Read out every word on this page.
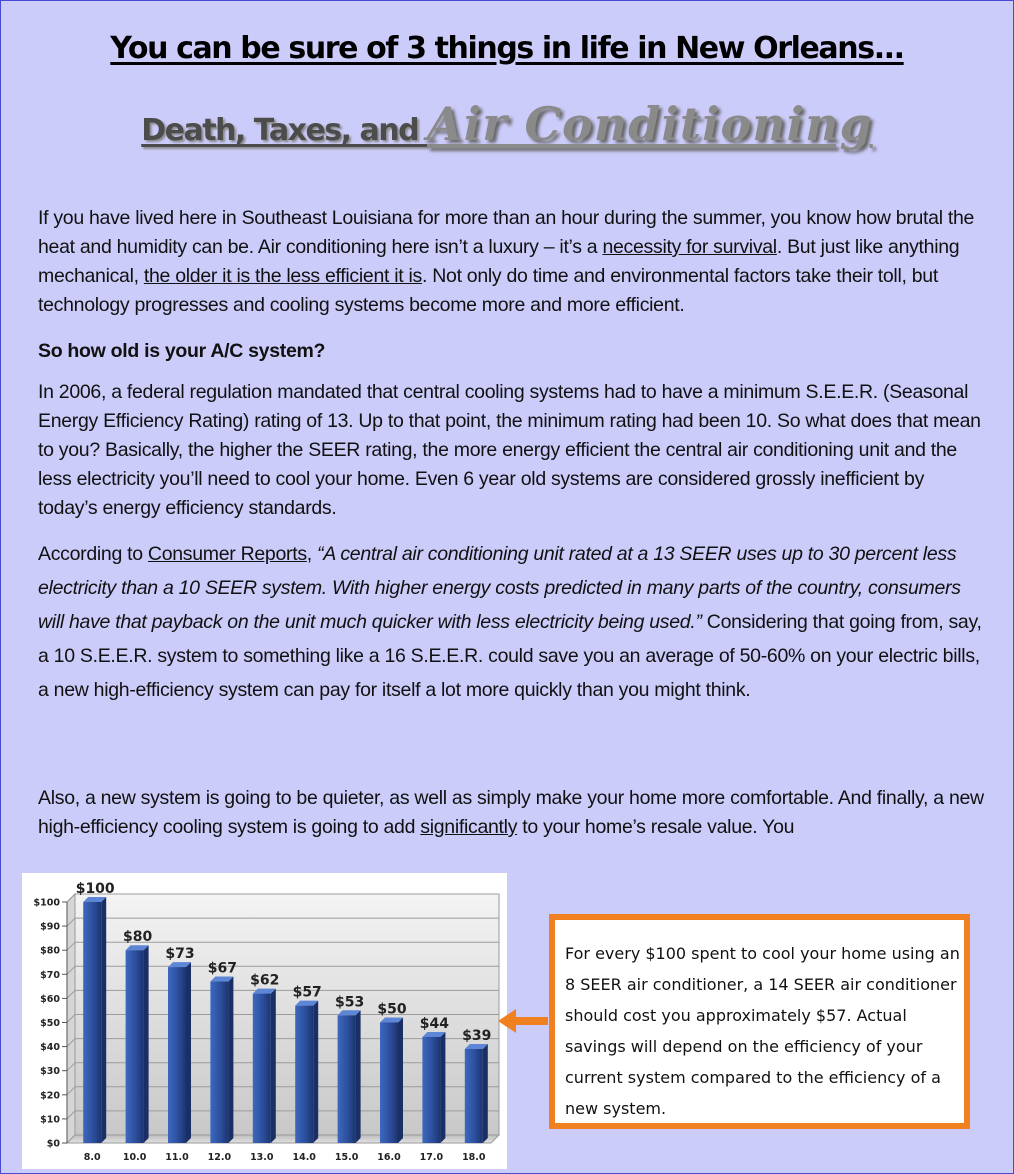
You can be sure of 3 things in life in New Orleans...
Death, Taxes, and Air Conditioning

If you have lived here in Southeast Louisiana for more than an hour during the summer, you know how brutal the heat and humidity can be. Air conditioning here isn’t a luxury – it’s a necessity for survival. But just like anything mechanical, the older it is the less efficient it is. Not only do time and environmental factors take their toll, but technology progresses and cooling systems become more and more efficient.

So how old is your A/C system?

In 2006, a federal regulation mandated that central cooling systems had to have a minimum S.E.E.R. (Seasonal Energy Efficiency Rating) rating of 13. Up to that point, the minimum rating had been 10. So what does that mean to you? Basically, the higher the SEER rating, the more energy efficient the central air conditioning unit and the less electricity you’ll need to cool your home. Even 6 year old systems are considered grossly inefficient by today’s energy efficiency standards.

According to Consumer Reports, “A central air conditioning unit rated at a 13 SEER uses up to 30 percent less electricity than a 10 SEER system. With higher energy costs predicted in many parts of the country, consumers will have that payback on the unit much quicker with less electricity being used.” Considering that going from, say, a 10 S.E.E.R. system to something like a 16 S.E.E.R. could save you an average of 50-60% on your electric bills, a new high-efficiency system can pay for itself a lot more quickly than you might think.

Also, a new system is going to be quieter, as well as simply make your home more comfortable. And finally, a new high-efficiency cooling system is going to add significantly to your home’s resale value. You

$0
$10
$20
$30
$40
$50
$60
$70
$80
$90
$100
$100
8.0
$80
10.0
$73
11.0
$67
12.0
$62
13.0
$57
14.0
$53
15.0
$50
16.0
$44
17.0
$39
18.0
For every $100 spent to cool your home using an 8 SEER air conditioner, a 14 SEER air conditioner should cost you approximately $57. Actual savings will depend on the efficiency of your current system compared to the efficiency of a new system.
